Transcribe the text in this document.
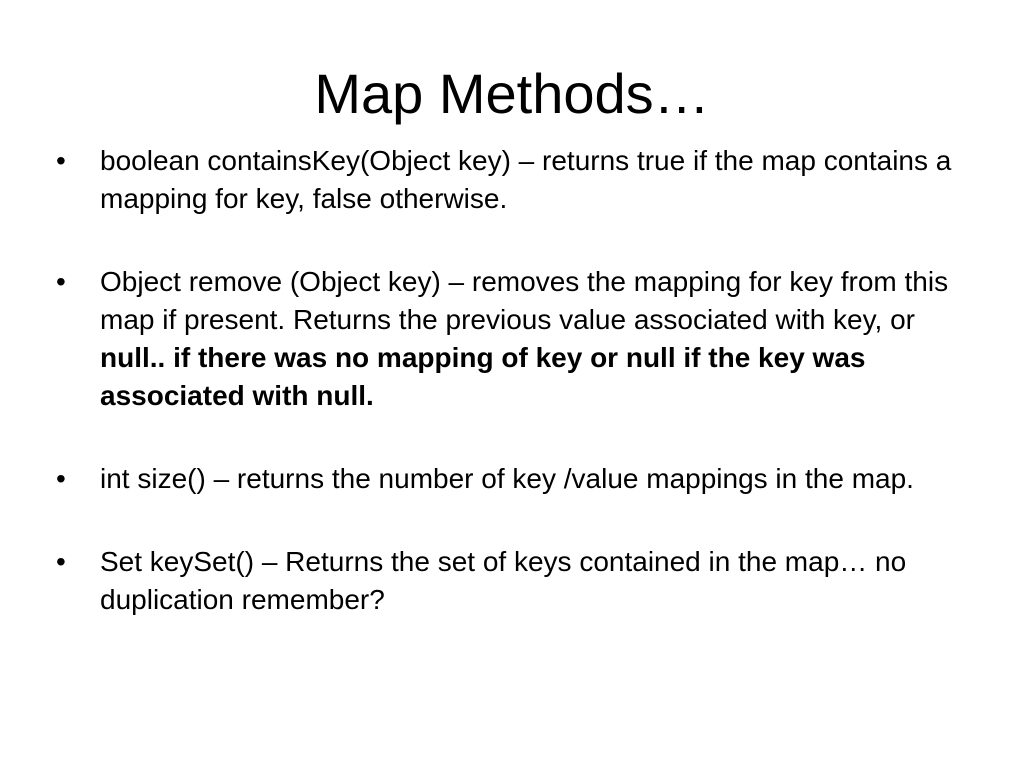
Map Methods…
•	boolean containsKey(Object key) – returns true if the map contains a mapping for key, false otherwise.
•	Object remove (Object key) – removes the mapping for key from this map if present. Returns the previous value associated with key, or null.. if there was no mapping of key or null if the key was associated with null.
•	int size() – returns the number of key /value mappings in the map.
•	Set keySet() – Returns the set of keys contained in the map… no duplication remember?
